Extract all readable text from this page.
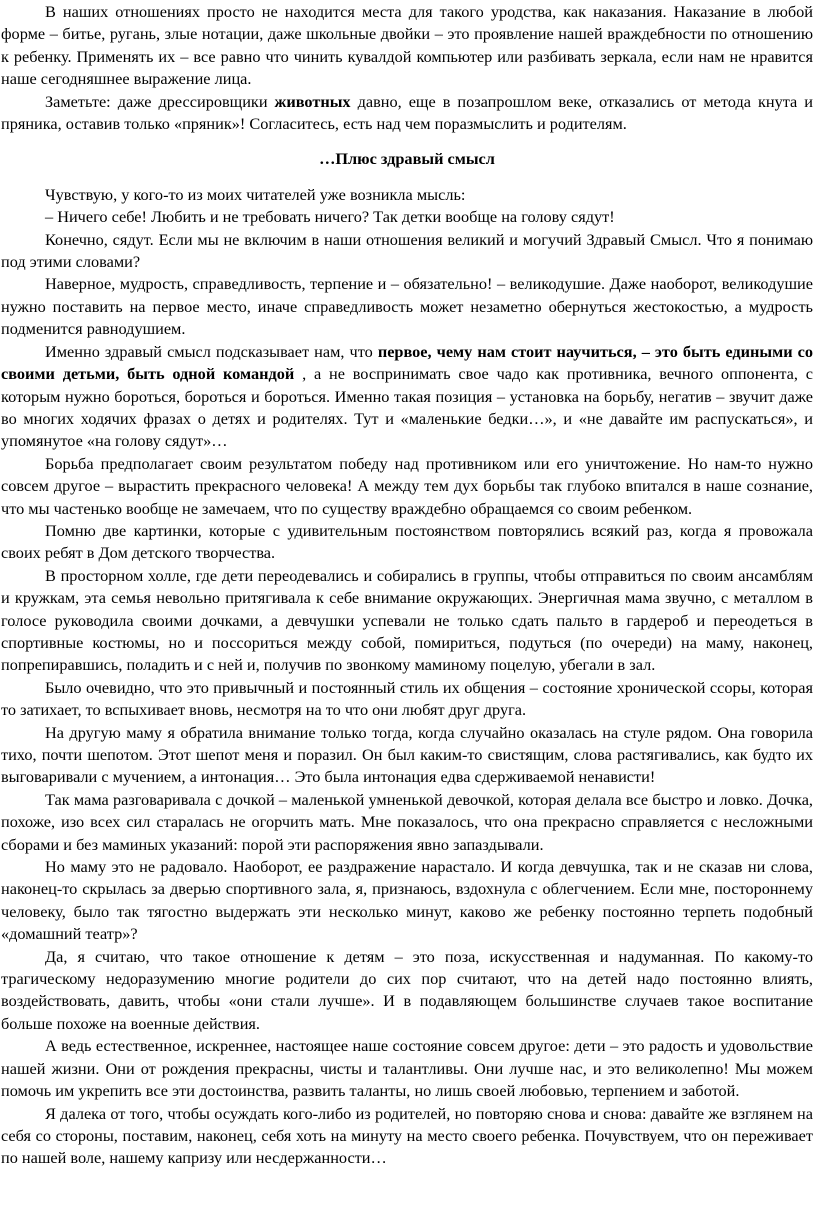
В наших отношениях просто не находится места для такого уродства, как наказания. Наказание в любой форме – битье, ругань, злые нотации, даже школьные двойки – это проявление нашей враждебности по отношению к ребенку. Применять их – все равно что чинить кувалдой компьютер или разбивать зеркала, если нам не нравится наше сегодняшнее выражение лица.

Заметьте: даже дрессировщики животных давно, еще в позапрошлом веке, отказались от метода кнута и пряника, оставив только «пряник»! Согласитесь, есть над чем поразмыслить и родителям.

…Плюс здравый смысл

Чувствую, у кого-то из моих читателей уже возникла мысль:

– Ничего себе! Любить и не требовать ничего? Так детки вообще на голову сядут!

Конечно, сядут. Если мы не включим в наши отношения великий и могучий Здравый Смысл. Что я понимаю под этими словами?

Наверное, мудрость, справедливость, терпение и – обязательно! – великодушие. Даже наоборот, великодушие нужно поставить на первое место, иначе справедливость может незаметно обернуться жестокостью, а мудрость подменится равнодушием.

Именно здравый смысл подсказывает нам, что первое, чему нам стоит научиться, – это быть едиными со своими детьми, быть одной командой , а не воспринимать свое чадо как противника, вечного оппонента, с которым нужно бороться, бороться и бороться. Именно такая позиция – установка на борьбу, негатив – звучит даже во многих ходячих фразах о детях и родителях. Тут и «маленькие бедки…», и «не давайте им распускаться», и упомянутое «на голову сядут»…

Борьба предполагает своим результатом победу над противником или его уничтожение. Но нам-то нужно совсем другое – вырастить прекрасного человека! А между тем дух борьбы так глубоко впитался в наше сознание, что мы частенько вообще не замечаем, что по существу враждебно обращаемся со своим ребенком.

Помню две картинки, которые с удивительным постоянством повторялись всякий раз, когда я провожала своих ребят в Дом детского творчества.

В просторном холле, где дети переодевались и собирались в группы, чтобы отправиться по своим ансамблям и кружкам, эта семья невольно притягивала к себе внимание окружающих. Энергичная мама звучно, с металлом в голосе руководила своими дочками, а девчушки успевали не только сдать пальто в гардероб и переодеться в спортивные костюмы, но и поссориться между собой, помириться, подуться (по очереди) на маму, наконец, попрепиравшись, поладить и с ней и, получив по звонкому маминому поцелую, убегали в зал.

Было очевидно, что это привычный и постоянный стиль их общения – состояние хронической ссоры, которая то затихает, то вспыхивает вновь, несмотря на то что они любят друг друга.

На другую маму я обратила внимание только тогда, когда случайно оказалась на стуле рядом. Она говорила тихо, почти шепотом. Этот шепот меня и поразил. Он был каким-то свистящим, слова растягивались, как будто их выговаривали с мучением, а интонация… Это была интонация едва сдерживаемой ненависти!

Так мама разговаривала с дочкой – маленькой умненькой девочкой, которая делала все быстро и ловко. Дочка, похоже, изо всех сил старалась не огорчить мать. Мне показалось, что она прекрасно справляется с несложными сборами и без маминых указаний: порой эти распоряжения явно запаздывали.

Но маму это не радовало. Наоборот, ее раздражение нарастало. И когда девчушка, так и не сказав ни слова, наконец-то скрылась за дверью спортивного зала, я, признаюсь, вздохнула с облегчением. Если мне, постороннему человеку, было так тягостно выдержать эти несколько минут, каково же ребенку постоянно терпеть подобный «домашний театр»?

Да, я считаю, что такое отношение к детям – это поза, искусственная и надуманная. По какому-то трагическому недоразумению многие родители до сих пор считают, что на детей надо постоянно влиять, воздействовать, давить, чтобы «они стали лучше». И в подавляющем большинстве случаев такое воспитание больше похоже на военные действия.

А ведь естественное, искреннее, настоящее наше состояние совсем другое: дети – это радость и удовольствие нашей жизни. Они от рождения прекрасны, чисты и талантливы. Они лучше нас, и это великолепно! Мы можем помочь им укрепить все эти достоинства, развить таланты, но лишь своей любовью, терпением и заботой.

Я далека от того, чтобы осуждать кого-либо из родителей, но повторяю снова и снова: давайте же взглянем на себя со стороны, поставим, наконец, себя хоть на минуту на место своего ребенка. Почувствуем, что он переживает по нашей воле, нашему капризу или несдержанности…
